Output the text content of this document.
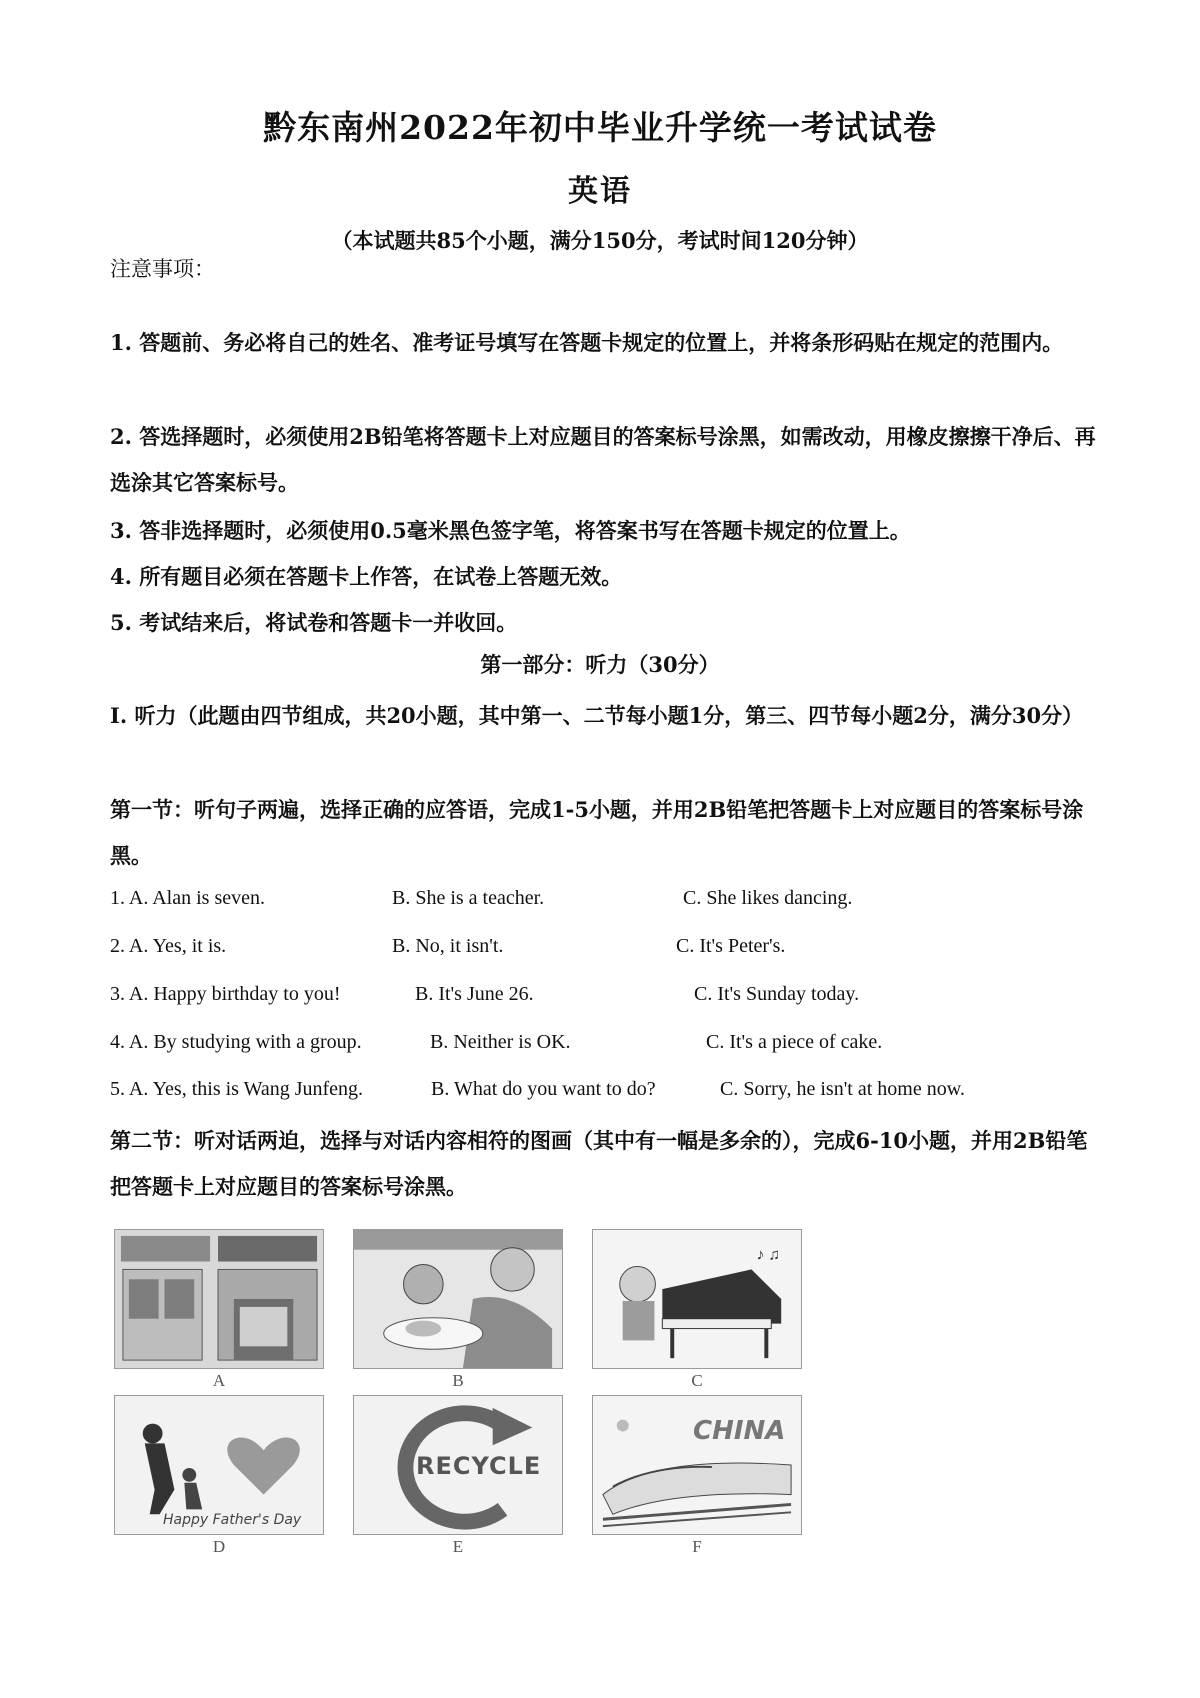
黔东南州2022年初中毕业升学统一考试试卷
英语
（本试题共85个小题，满分150分，考试时间120分钟）
注意事项：
1. 答题前、务必将自己的姓名、准考证号填写在答题卡规定的位置上，并将条形码贴在规定的范围内。
2. 答选择题时，必须使用2B铅笔将答题卡上对应题目的答案标号涂黑，如需改动，用橡皮擦擦干净后、再选涂其它答案标号。
3. 答非选择题时，必须使用0.5毫米黑色签字笔，将答案书写在答题卡规定的位置上。
4. 所有题目必须在答题卡上作答，在试卷上答题无效。
5. 考试结来后，将试卷和答题卡一并收回。
第一部分：听力（30分）
Ⅰ. 听力（此题由四节组成，共20小题，其中第一、二节每小题1分，第三、四节每小题2分，满分30分）
第一节：听句子两遍，选择正确的应答语，完成1-5小题，并用2B铅笔把答题卡上对应题目的答案标号涂黑。
1. A. Alan is seven.	B. She is a teacher.	C. She likes dancing.
2. A. Yes, it is.	B. No, it isn't.	C. It's Peter's.
3. A. Happy birthday to you!	B. It's June 26.	C. It's Sunday today.
4. A. By studying with a group.	B. Neither is OK.	C. It's a piece of cake.
5. A. Yes, this is Wang Junfeng.	B. What do you want to do?	C. Sorry, he isn't at home now.
第二节：听对话两迫，选择与对话内容相符的图画（其中有一幅是多余的），完成6-10小题，并用2B铅笔把答题卡上对应题目的答案标号涂黑。
A	B
♪ ♫
C
Happy Father's Day
D
RECYCLE
E
CHINA
F
